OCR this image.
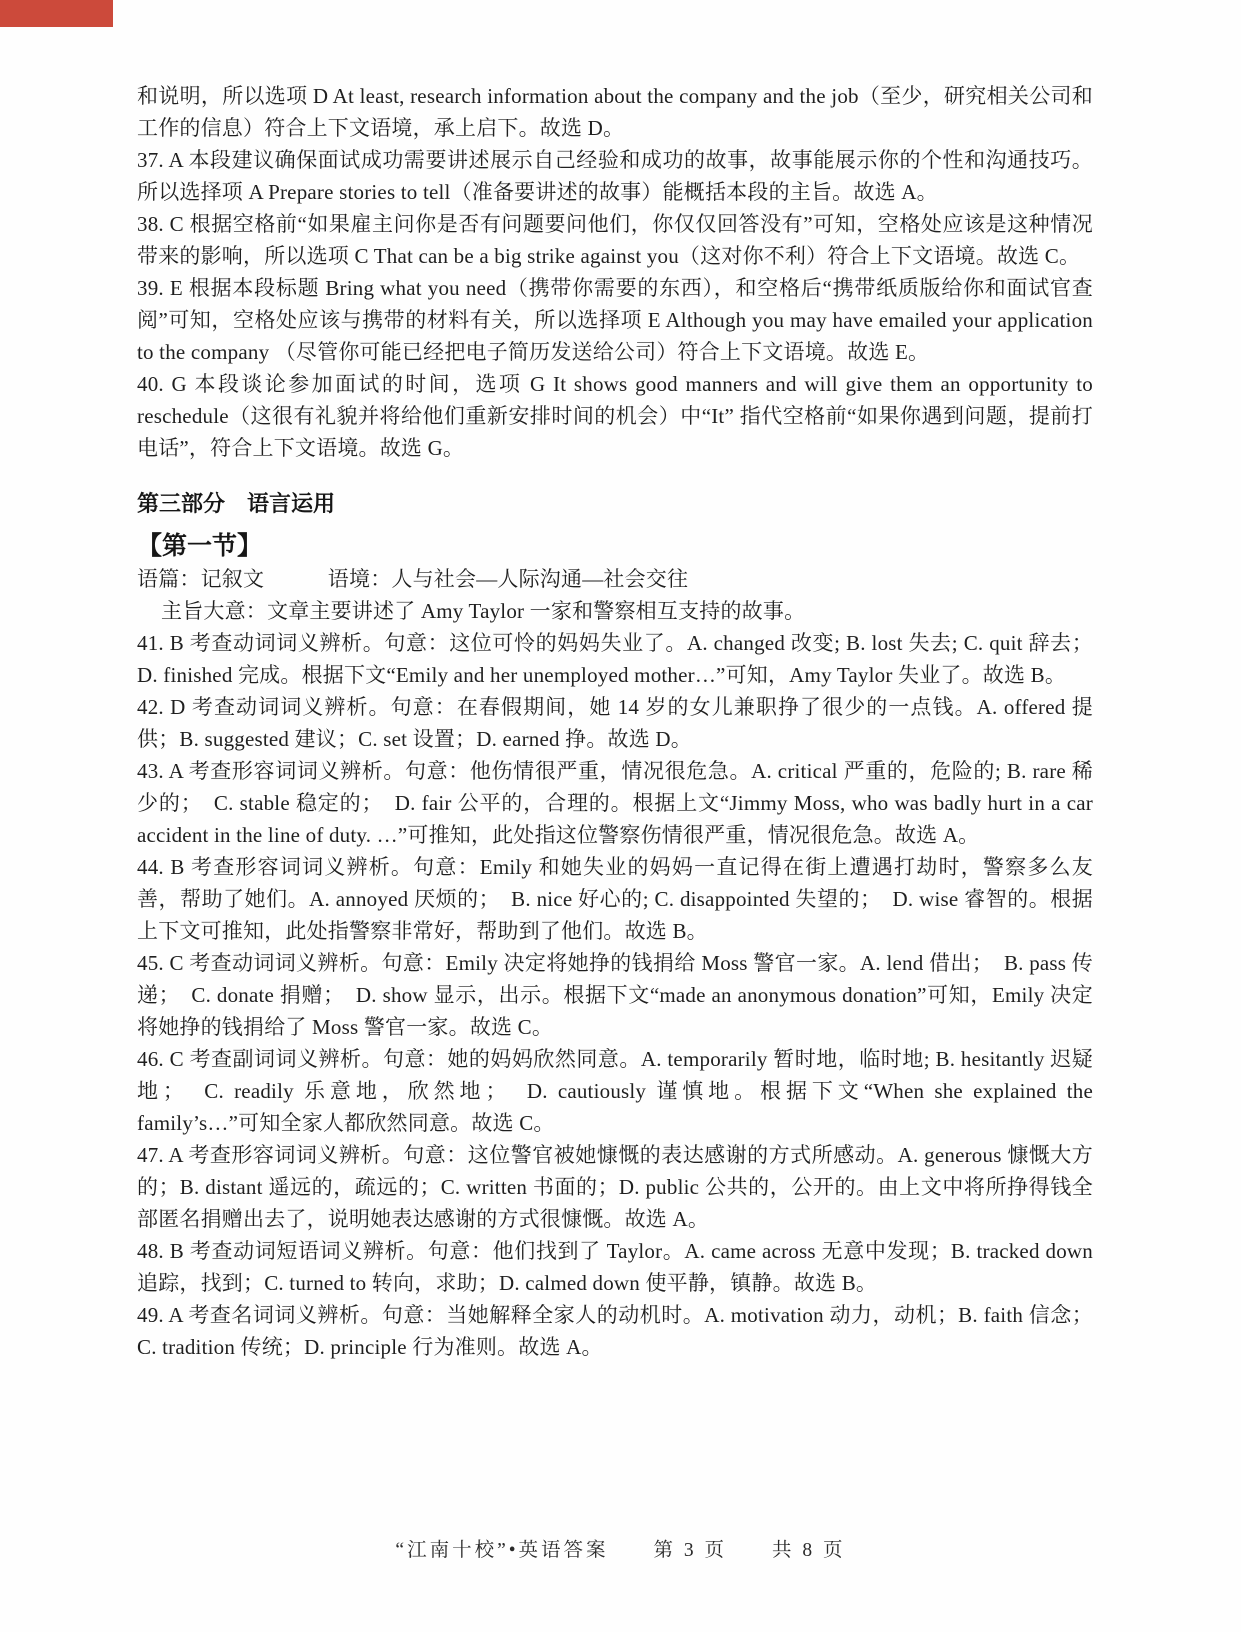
和说明，所以选项 D At least, research information about the company and the job（至少，研究相关公司和工作的信息）符合上下文语境，承上启下。故选 D。

37. A 本段建议确保面试成功需要讲述展示自己经验和成功的故事，故事能展示你的个性和沟通技巧。所以选择项 A Prepare stories to tell（准备要讲述的故事）能概括本段的主旨。故选 A。

38. C 根据空格前“如果雇主问你是否有问题要问他们，你仅仅回答没有”可知，空格处应该是这种情况带来的影响，所以选项 C That can be a big strike against you（这对你不利）符合上下文语境。故选 C。

39. E 根据本段标题 Bring what you need（携带你需要的东西），和空格后“携带纸质版给你和面试官查阅”可知，空格处应该与携带的材料有关，所以选择项 E Although you may have emailed your application to the company （尽管你可能已经把电子简历发送给公司）符合上下文语境。故选 E。

40. G 本段谈论参加面试的时间，选项 G It shows good manners and will give them an opportunity to reschedule（这很有礼貌并将给他们重新安排时间的机会）中“It” 指代空格前“如果你遇到问题，提前打电话”，符合上下文语境。故选 G。

第三部分　语言运用
【第一节】

语篇：记叙文　　　语境：人与社会—人际沟通—社会交往

主旨大意：文章主要讲述了 Amy Taylor 一家和警察相互支持的故事。

41. B 考查动词词义辨析。句意：这位可怜的妈妈失业了。A. changed 改变; B. lost 失去; C. quit 辞去；D. finished 完成。根据下文“Emily and her unemployed mother…”可知，Amy Taylor 失业了。故选 B。

42. D 考查动词词义辨析。句意：在春假期间，她 14 岁的女儿兼职挣了很少的一点钱。A. offered 提供；B. suggested 建议；C. set 设置；D. earned 挣。故选 D。

43. A 考查形容词词义辨析。句意：他伤情很严重，情况很危急。A. critical 严重的，危险的; B. rare 稀少的；　C. stable 稳定的；　D. fair 公平的，合理的。根据上文“Jimmy Moss, who was badly hurt in a car accident in the line of duty. …”可推知，此处指这位警察伤情很严重，情况很危急。故选 A。

44. B 考查形容词词义辨析。句意：Emily 和她失业的妈妈一直记得在街上遭遇打劫时，警察多么友善，帮助了她们。A. annoyed 厌烦的；　B. nice 好心的; C. disappointed 失望的；　D. wise 睿智的。根据上下文可推知，此处指警察非常好，帮助到了他们。故选 B。

45. C 考查动词词义辨析。句意：Emily 决定将她挣的钱捐给 Moss 警官一家。A. lend 借出；　B. pass 传递；　C. donate 捐赠；　D. show 显示，出示。根据下文“made an anonymous donation”可知，Emily 决定将她挣的钱捐给了 Moss 警官一家。故选 C。

46. C 考查副词词义辨析。句意：她的妈妈欣然同意。A. temporarily 暂时地，临时地; B. hesitantly 迟疑地；　C. readily 乐意地，欣然地；　D. cautiously 谨慎地。根据下文“When she explained the family’s…”可知全家人都欣然同意。故选 C。

47. A 考查形容词词义辨析。句意：这位警官被她慷慨的表达感谢的方式所感动。A. generous 慷慨大方的；B. distant 遥远的，疏远的；C. written 书面的；D. public 公共的，公开的。由上文中将所挣得钱全部匿名捐赠出去了，说明她表达感谢的方式很慷慨。故选 A。

48. B 考查动词短语词义辨析。句意：他们找到了 Taylor。A. came across 无意中发现；B. tracked down 追踪，找到；C. turned to 转向，求助；D. calmed down 使平静，镇静。故选 B。

49. A 考查名词词义辨析。句意：当她解释全家人的动机时。A. motivation 动力，动机；B. faith 信念；C. tradition 传统；D. principle 行为准则。故选 A。

“江南十校”•英语答案　　第 3 页　　共 8 页
